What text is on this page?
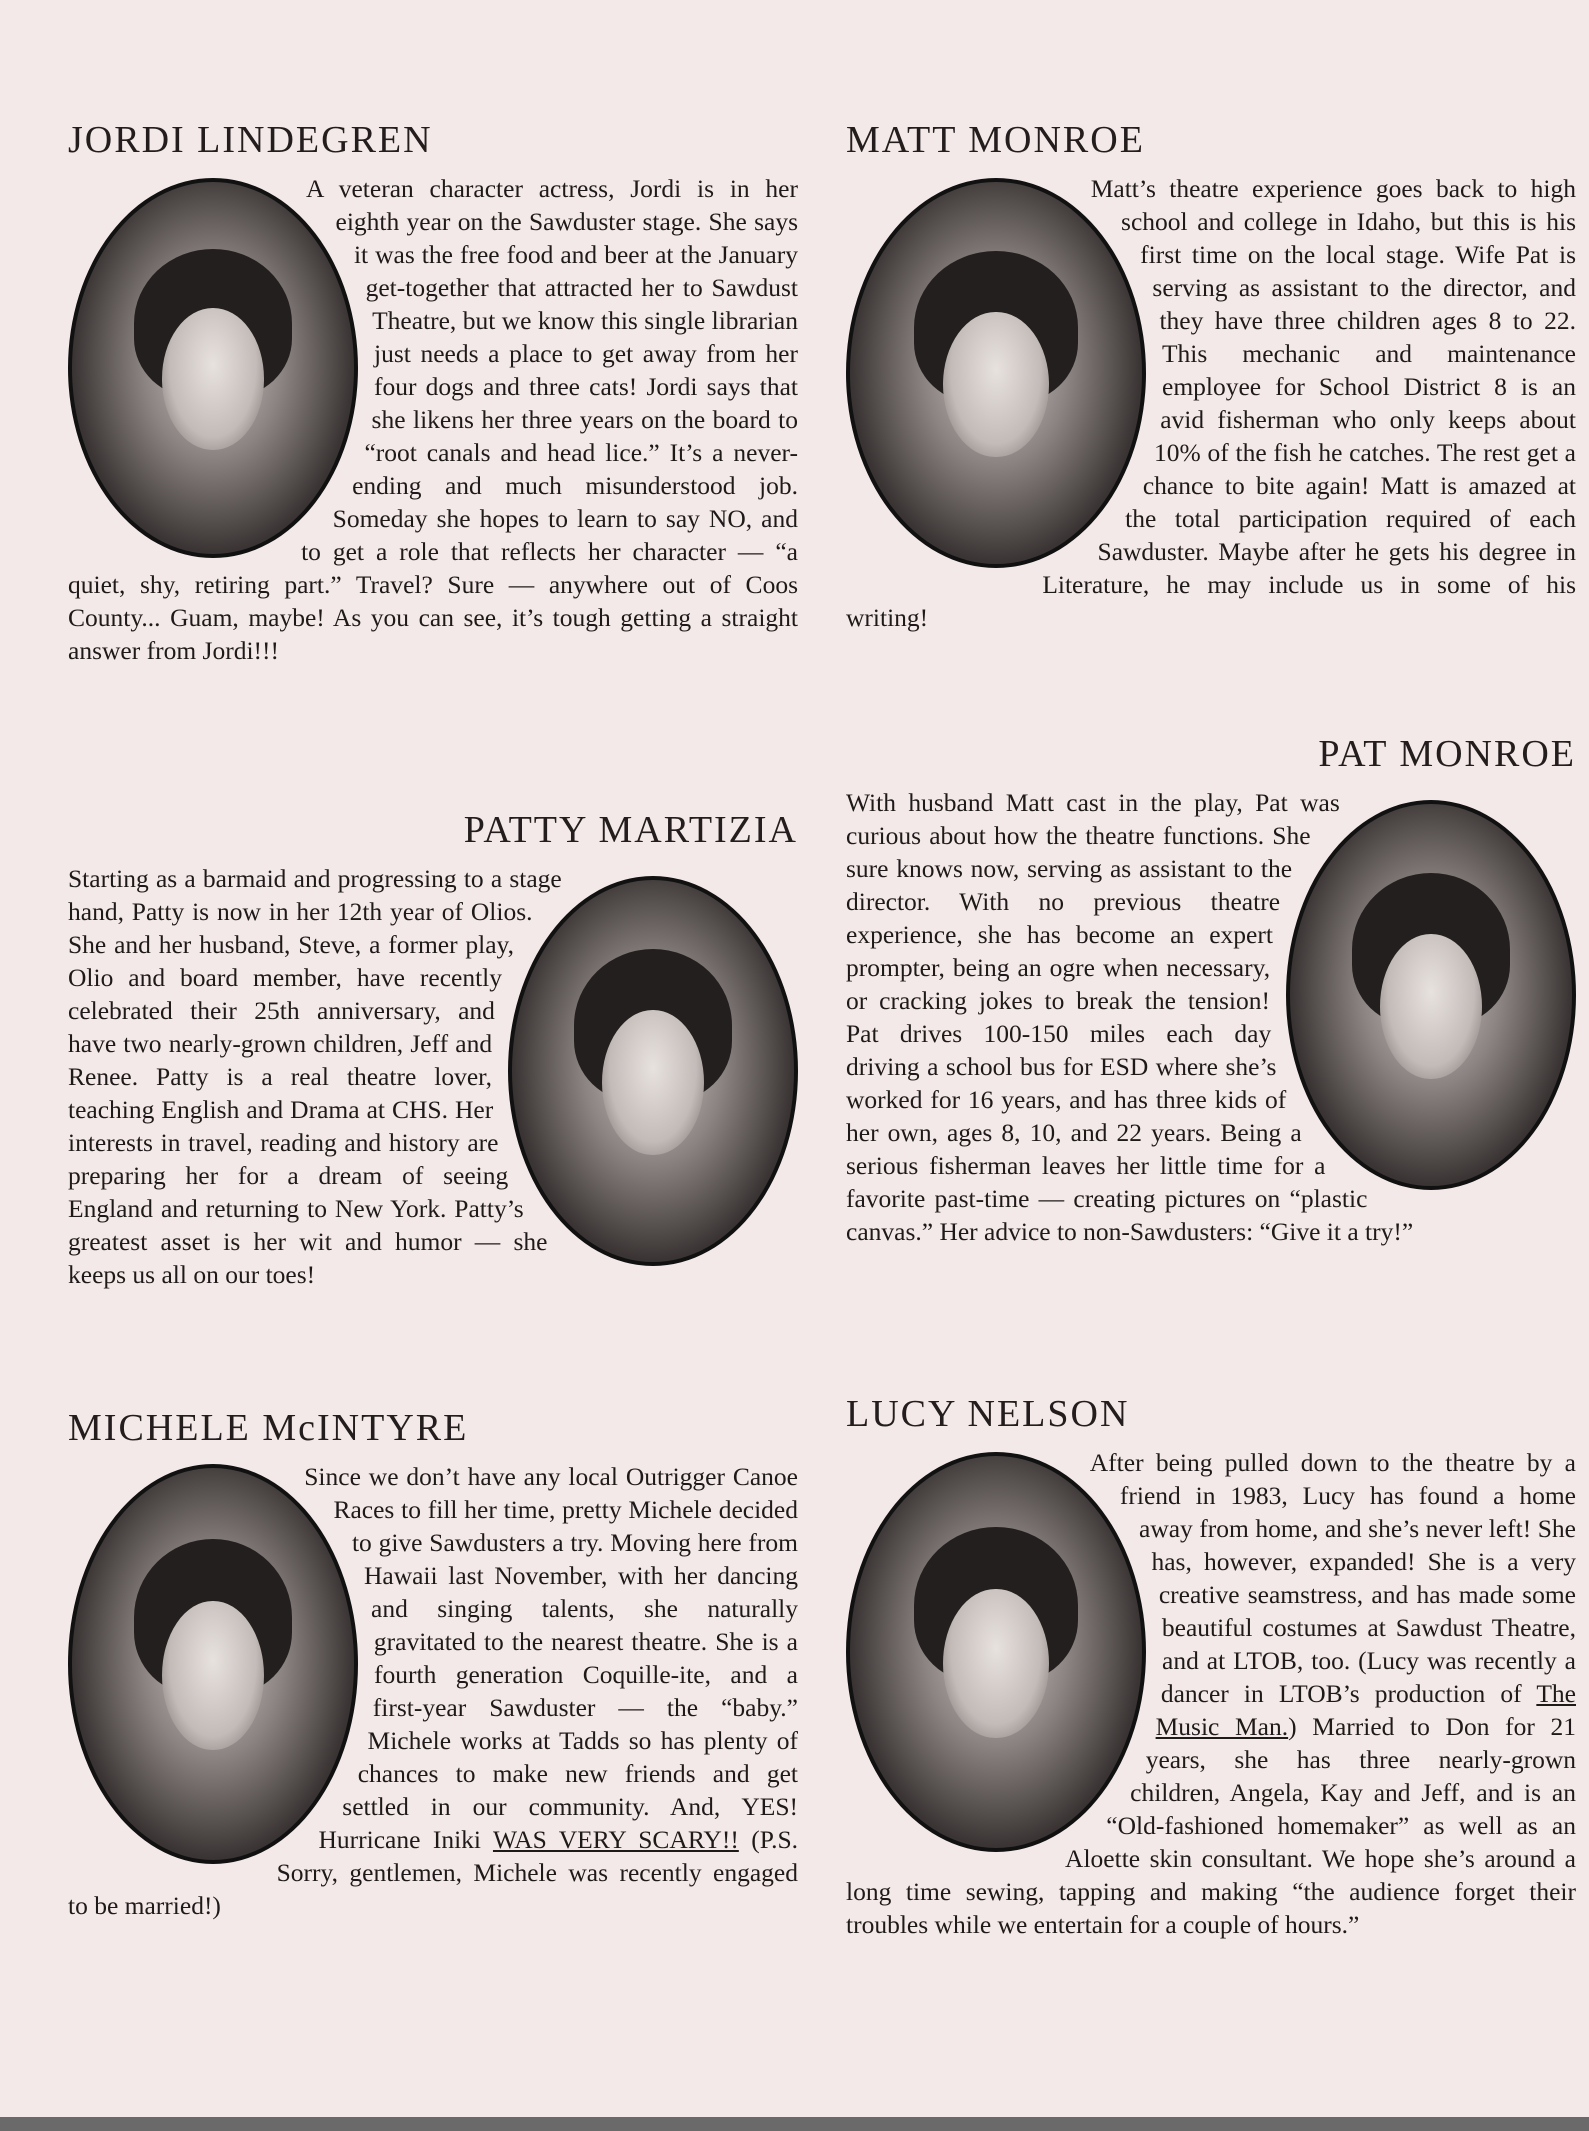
JORDI LINDEGREN
A veteran character actress, Jordi is in her eighth year on the Sawduster stage. She says it was the free food and beer at the January get-together that attracted her to Sawdust Theatre, but we know this single librarian just needs a place to get away from her four dogs and three cats! Jordi says that she likens her three years on the board to “root canals and head lice.” It’s a never-ending and much misunderstood job. Someday she hopes to learn to say NO, and to get a role that reflects her character — “a quiet, shy, retiring part.” Travel? Sure — anywhere out of Coos County... Guam, maybe! As you can see, it’s tough getting a straight answer from Jordi!!!
MATT MONROE
Matt’s theatre experience goes back to high school and college in Idaho, but this is his first time on the local stage. Wife Pat is serving as assistant to the director, and they have three children ages 8 to 22. This mechanic and maintenance employee for School District 8 is an avid fisherman who only keeps about 10% of the fish he catches. The rest get a chance to bite again! Matt is amazed at the total participation required of each Sawduster. Maybe after he gets his degree in Literature, he may include us in some of his writing!
PAT MONROE
With husband Matt cast in the play, Pat was curious about how the theatre functions. She sure knows now, serving as assistant to the director. With no previous theatre experience, she has become an expert prompter, being an ogre when necessary, or cracking jokes to break the tension! Pat drives 100-150 miles each day driving a school bus for ESD where she’s worked for 16 years, and has three kids of her own, ages 8, 10, and 22 years. Being a serious fisherman leaves her little time for a favorite past-time — creating pictures on “plastic canvas.” Her advice to non-Sawdusters: “Give it a try!”
PATTY MARTIZIA
Starting as a barmaid and progressing to a stage hand, Patty is now in her 12th year of Olios. She and her husband, Steve, a former play, Olio and board member, have recently celebrated their 25th anniversary, and have two nearly-grown children, Jeff and Renee. Patty is a real theatre lover, teaching English and Drama at CHS. Her interests in travel, reading and history are preparing her for a dream of seeing England and returning to New York. Patty’s greatest asset is her wit and humor — she keeps us all on our toes!
MICHELE McINTYRE
Since we don’t have any local Outrigger Canoe Races to fill her time, pretty Michele decided to give Sawdusters a try. Moving here from Hawaii last November, with her dancing and singing talents, she naturally gravitated to the nearest theatre. She is a fourth generation Coquille-ite, and a first-year Sawduster — the “baby.” Michele works at Tadds so has plenty of chances to make new friends and get settled in our community. And, YES! Hurricane Iniki WAS VERY SCARY!! (P.S. Sorry, gentlemen, Michele was recently engaged to be married!)
LUCY NELSON
After being pulled down to the theatre by a friend in 1983, Lucy has found a home away from home, and she’s never left! She has, however, expanded! She is a very creative seamstress, and has made some beautiful costumes at Sawdust Theatre, and at LTOB, too. (Lucy was recently a dancer in LTOB’s production of The Music Man.) Married to Don for 21 years, she has three nearly-grown children, Angela, Kay and Jeff, and is an “Old-fashioned homemaker” as well as an Aloette skin consultant. We hope she’s around a long time sewing, tapping and making “the audience forget their troubles while we entertain for a couple of hours.”
